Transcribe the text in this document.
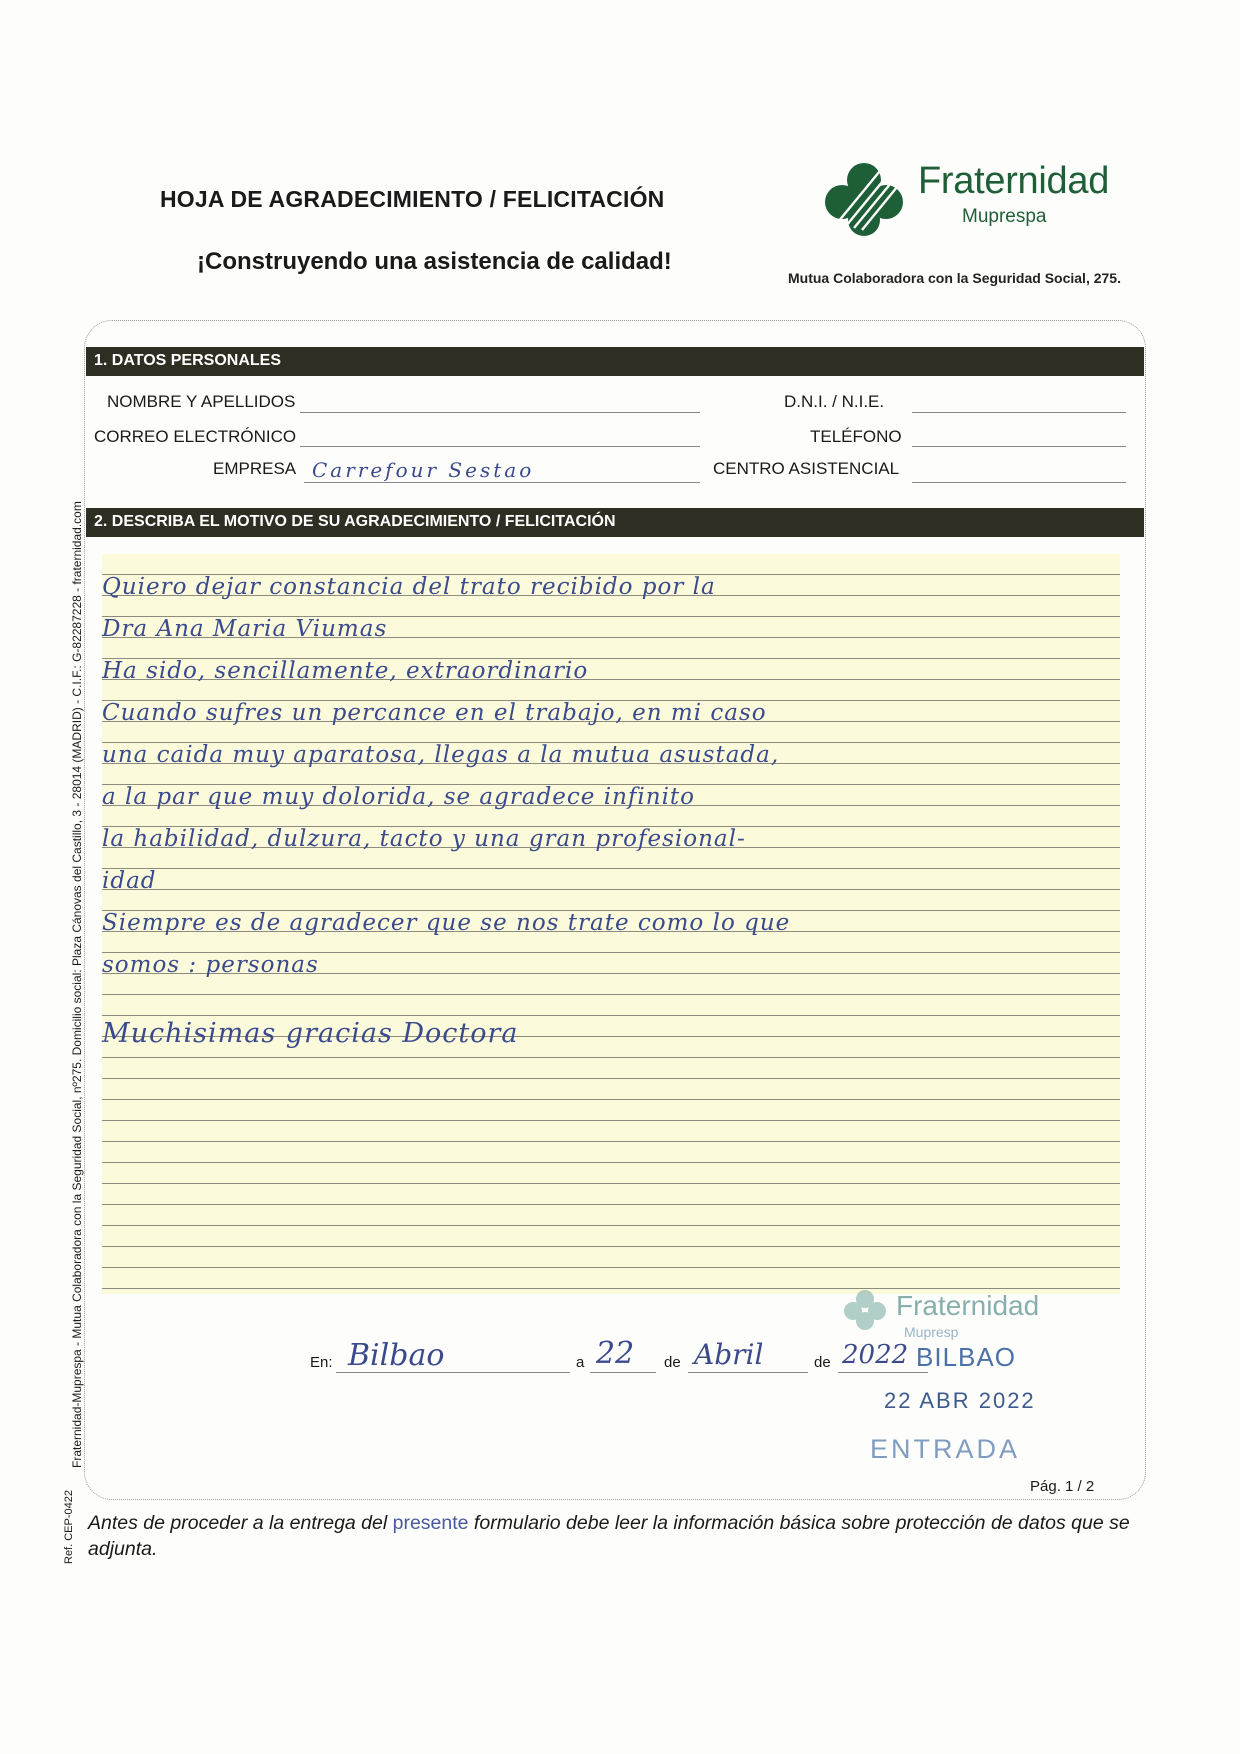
HOJA DE AGRADECIMIENTO / FELICITACIÓN
¡Construyendo una asistencia de calidad!
Fraternidad
Muprespa
Mutua Colaboradora con la Seguridad Social, 275.
Fraternidad-Muprespa - Mutua Colaboradora con la Seguridad Social, nº275. Domicilio social: Plaza Cánovas del Castillo, 3 - 28014 (MADRID) - C.I.F.: G-82287228 - fraternidad.com
Ref. CEP-0422
1. DATOS PERSONALES
NOMBRE Y APELLIDOS
CORREO ELECTRÓNICO
EMPRESA Carrefour Sestao
D.N.I. / N.I.E.
TELÉFONO
CENTRO ASISTENCIAL
2. DESCRIBA EL MOTIVO DE SU AGRADECIMIENTO / FELICITACIÓN
Quiero dejar constancia del trato recibido por la
Dra Ana Maria Viumas
Ha sido, sencillamente, extraordinario
Cuando sufres un percance en el trabajo, en mi caso
una caida muy aparatosa, llegas a la mutua asustada,
a la par que muy dolorida, se agradece infinito
la habilidad, dulzura, tacto y una gran profesional-
idad
Siempre es de agradecer que se nos trate como lo que
somos : personas
Muchisimas gracias Doctora
En: Bilbao	a 22 de Abril	de 2022
Fraternidad
Mupresp
BILBAO
22 ABR 2022
ENTRADA
Pág. 1 / 2
Antes de proceder a la entrega del presente formulario debe leer la información básica sobre protección de datos que se adjunta.
